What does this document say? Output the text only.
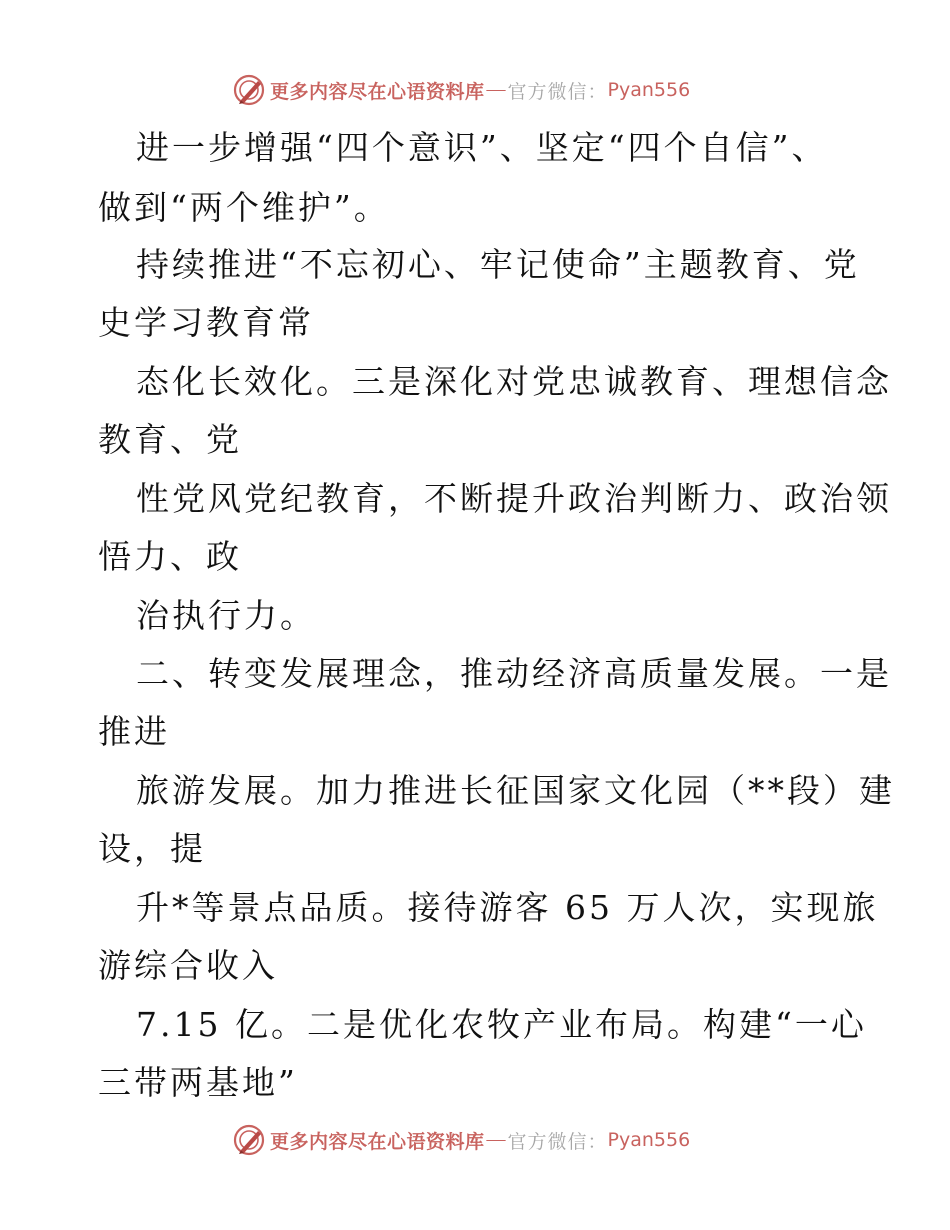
更多内容尽在心语资料库 — 官方微信： Pyan556
进一步增强“四个意识”、坚定“四个自信”、
做到“两个维护”。
持续推进“不忘初心、牢记使命”主题教育、党
史学习教育常
态化长效化。三是深化对党忠诚教育、理想信念
教育、党
性党风党纪教育，不断提升政治判断力、政治领
悟力、政
治执行力。
二、转变发展理念，推动经济高质量发展。一是
推进
旅游发展。加力推进长征国家文化园（**段）建
设，提
升*等景点品质。接待游客 65 万人次，实现旅
游综合收入
7.15 亿。二是优化农牧产业布局。构建“一心
三带两基地”
更多内容尽在心语资料库 — 官方微信： Pyan556
